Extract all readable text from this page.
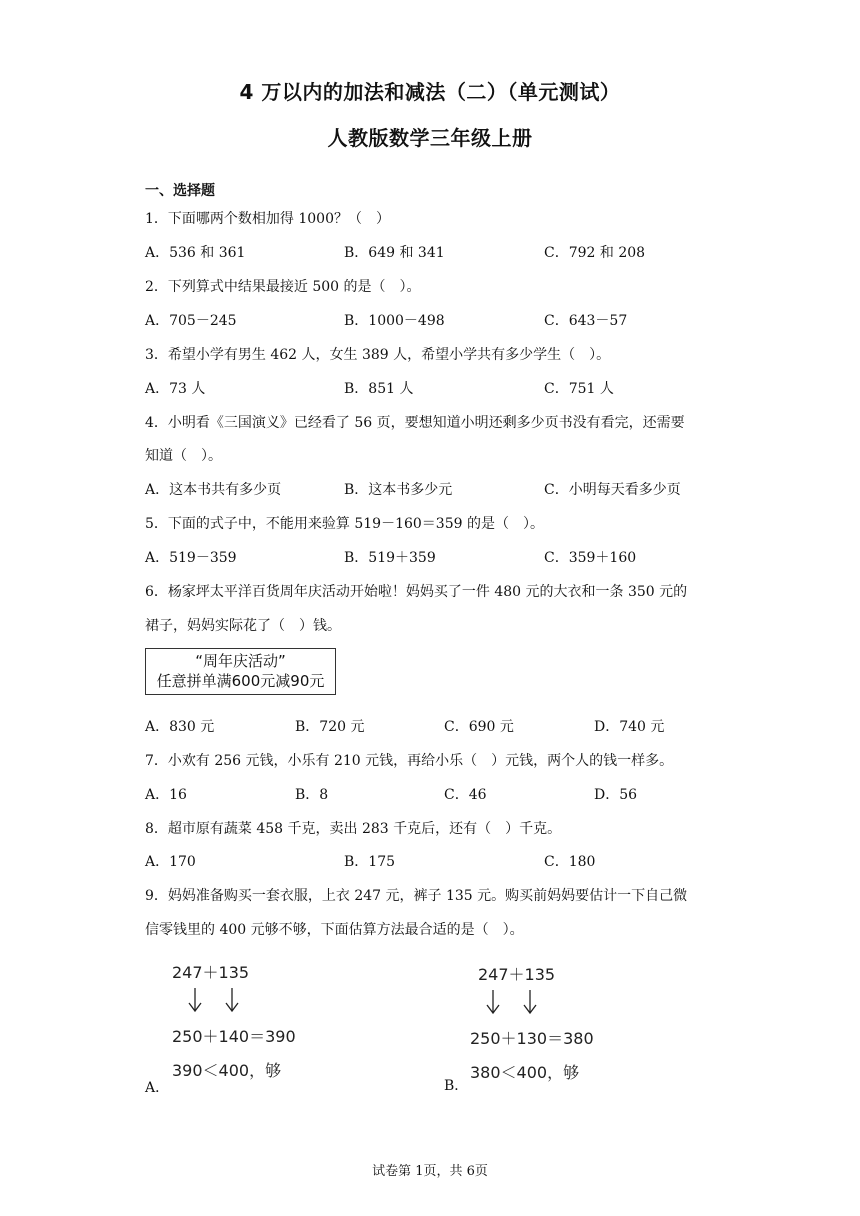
4 万以内的加法和减法（二）（单元测试）
人教版数学三年级上册
一、选择题
1．下面哪两个数相加得 1000？（　）
A．536 和 361	B．649 和 341	C．792 和 208
2．下列算式中结果最接近 500 的是（　）。
A．705－245	B．1000－498	C．643－57
3．希望小学有男生 462 人，女生 389 人，希望小学共有多少学生（　）。
A．73 人	B．851 人	C．751 人
4．小明看《三国演义》已经看了 56 页，要想知道小明还剩多少页书没有看完，还需要
知道（　）。
A．这本书共有多少页	B．这本书多少元	C．小明每天看多少页
5．下面的式子中，不能用来验算 519－160＝359 的是（　）。
A．519－359	B．519＋359	C．359＋160
6．杨家坪太平洋百货周年庆活动开始啦！妈妈买了一件 480 元的大衣和一条 350 元的
裙子，妈妈实际花了（　）钱。
“周年庆活动”
任意拼单满600元减90元
A．830 元	B．720 元	C．690 元	D．740 元
7．小欢有 256 元钱，小乐有 210 元钱，再给小乐（　）元钱，两个人的钱一样多。
A．16	B．8	C．46	D．56
8．超市原有蔬菜 458 千克，卖出 283 千克后，还有（　）千克。
A．170	B．175	C．180
9．妈妈准备购买一套衣服，上衣 247 元，裤子 135 元。购买前妈妈要估计一下自己微
信零钱里的 400 元够不够，下面估算方法最合适的是（　）。
247＋135
250＋140＝390
390＜400，够
A．
247＋135
250＋130＝380
380＜400，够
B．
试卷第 1页，共 6页
